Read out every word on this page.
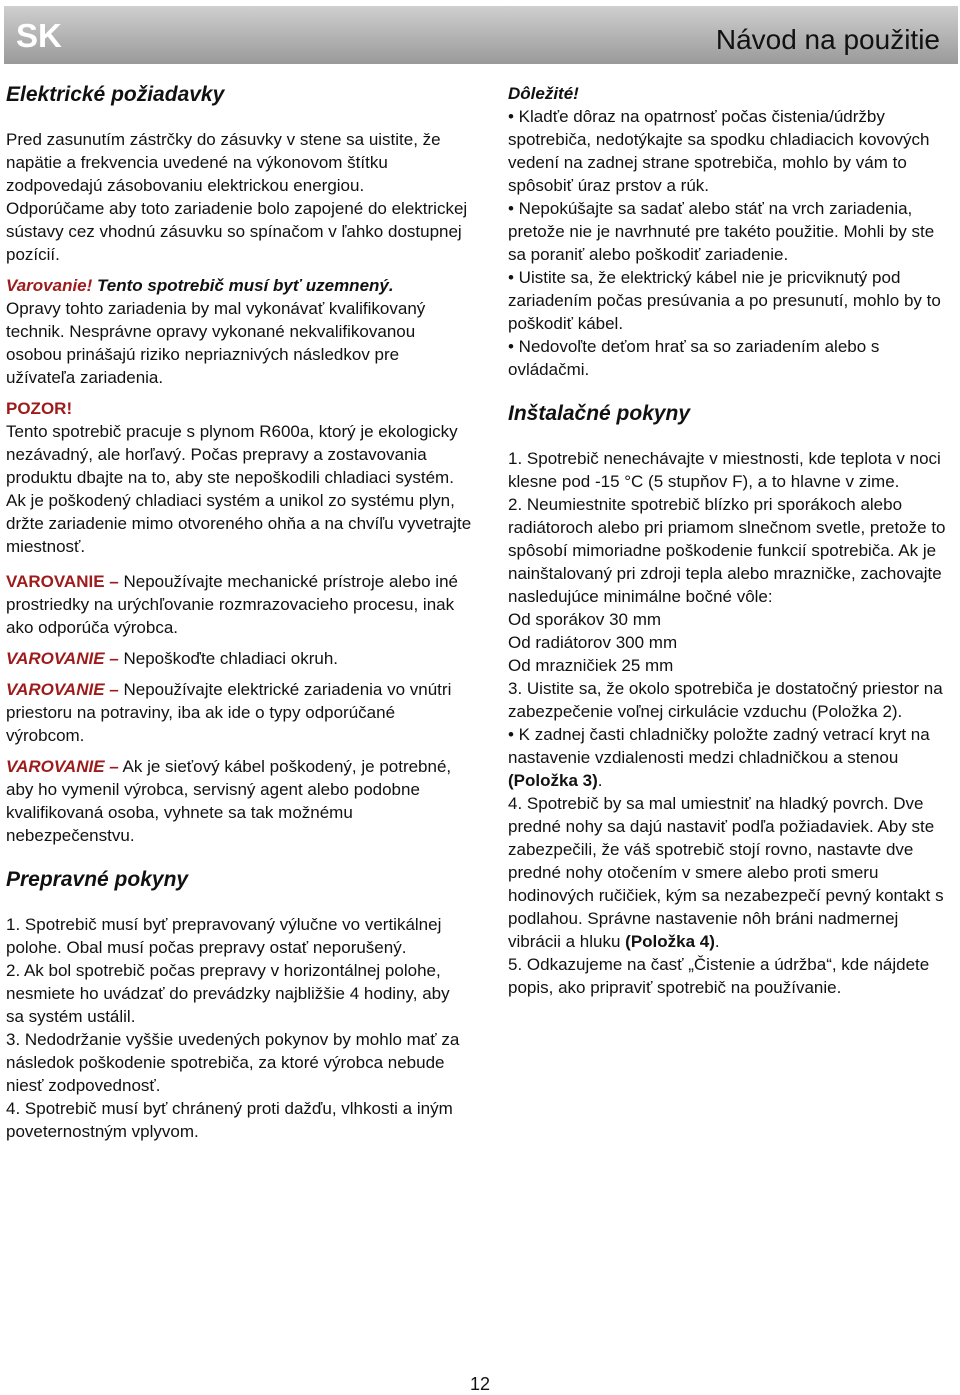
SK	Návod na použitie
Elektrické požiadavky

Pred zasunutím zástrčky do zásuvky v stene sa uistite, že napätie a frekvencia uvedené na výkonovom štítku zodpovedajú zásobovaniu elektrickou energiou.

Odporúčame aby toto zariadenie bolo zapojené do elektrickej sústavy cez vhodnú zásuvku so spínačom v ľahko dostupnej pozícií.

Varovanie! Tento spotrebič musí byť uzemnený.

Opravy tohto zariadenia by mal vykonávať kvalifikovaný technik. Nesprávne opravy vykonané nekvalifikovanou osobou prinášajú riziko nepriaznivých následkov pre užívateľa zariadenia.

POZOR!

Tento spotrebič pracuje s plynom R600a, ktorý je ekologicky nezávadný, ale horľavý. Počas prepravy a zostavovania produktu dbajte na to, aby ste nepoškodili chladiaci systém. Ak je poškodený chladiaci systém a unikol zo systému plyn, držte zariadenie mimo otvoreného ohňa a na chvíľu vyvetrajte miestnosť.

VAROVANIE – Nepoužívajte mechanické prístroje alebo iné prostriedky na urýchľovanie rozmrazovacieho procesu, inak ako odporúča výrobca.

VAROVANIE – Nepoškoďte chladiaci okruh.

VAROVANIE – Nepoužívajte elektrické zariadenia vo vnútri priestoru na potraviny, iba ak ide o typy odporúčané výrobcom.

VAROVANIE – Ak je sieťový kábel poškodený, je potrebné, aby ho vymenil výrobca, servisný agent alebo podobne kvalifikovaná osoba, vyhnete sa tak možnému nebezpečenstvu.

Prepravné pokyny

1. Spotrebič musí byť prepravovaný výlučne vo vertikálnej polohe. Obal musí počas prepravy ostať neporušený.

2. Ak bol spotrebič počas prepravy v horizontálnej polohe, nesmiete ho uvádzať do prevádzky najbližšie 4 hodiny, aby sa systém ustálil.

3. Nedodržanie vyššie uvedených pokynov by mohlo mať za následok poškodenie spotrebiča, za ktoré výrobca nebude niesť zodpovednosť.

4. Spotrebič musí byť chránený proti dažďu, vlhkosti a iným poveternostným vplyvom.

Dôležité!

• Kladťe dôraz na opatrnosť počas čistenia/údržby spotrebiča, nedotýkajte sa spodku chladiacich kovových vedení na zadnej strane spotrebiča, mohlo by vám to spôsobiť úraz prstov a rúk.

• Nepokúšajte sa sadať alebo stáť na vrch zariadenia, pretože nie je navrhnuté pre takéto použitie. Mohli by ste sa poraniť alebo poškodiť zariadenie.

• Uistite sa, že elektrický kábel nie je pricviknutý pod zariadením počas presúvania a po presunutí, mohlo by to poškodiť kábel.

• Nedovoľte deťom hrať sa so zariadením alebo s ovládačmi.

Inštalačné pokyny

1. Spotrebič nenechávajte v miestnosti, kde teplota v noci klesne pod -15 °C (5 stupňov F), a to hlavne v zime.

2. Neumiestnite spotrebič blízko pri sporákoch alebo radiátoroch alebo pri priamom slnečnom svetle, pretože to spôsobí mimoriadne poškodenie funkcií spotrebiča. Ak je nainštalovaný pri zdroji tepla alebo mrazničke, zachovajte nasledujúce minimálne bočné vôle:

Od sporákov 30 mm

Od radiátorov 300 mm

Od mrazničiek 25 mm

3. Uistite sa, že okolo spotrebiča je dostatočný priestor na zabezpečenie voľnej cirkulácie vzduchu (Položka 2).

• K zadnej časti chladničky položte zadný vetrací kryt na nastavenie vzdialenosti medzi chladničkou a stenou (Položka 3).

4. Spotrebič by sa mal umiestniť na hladký povrch. Dve predné nohy sa dajú nastaviť podľa požiadaviek. Aby ste zabezpečili, že váš spotrebič stojí rovno, nastavte dve predné nohy otočením v smere alebo proti smeru hodinových ručičiek, kým sa nezabezpečí pevný kontakt s podlahou. Správne nastavenie nôh bráni nadmernej vibrácii a hluku (Položka 4).

5. Odkazujeme na časť „Čistenie a údržba“, kde nájdete popis, ako pripraviť spotrebič na používanie.

12
